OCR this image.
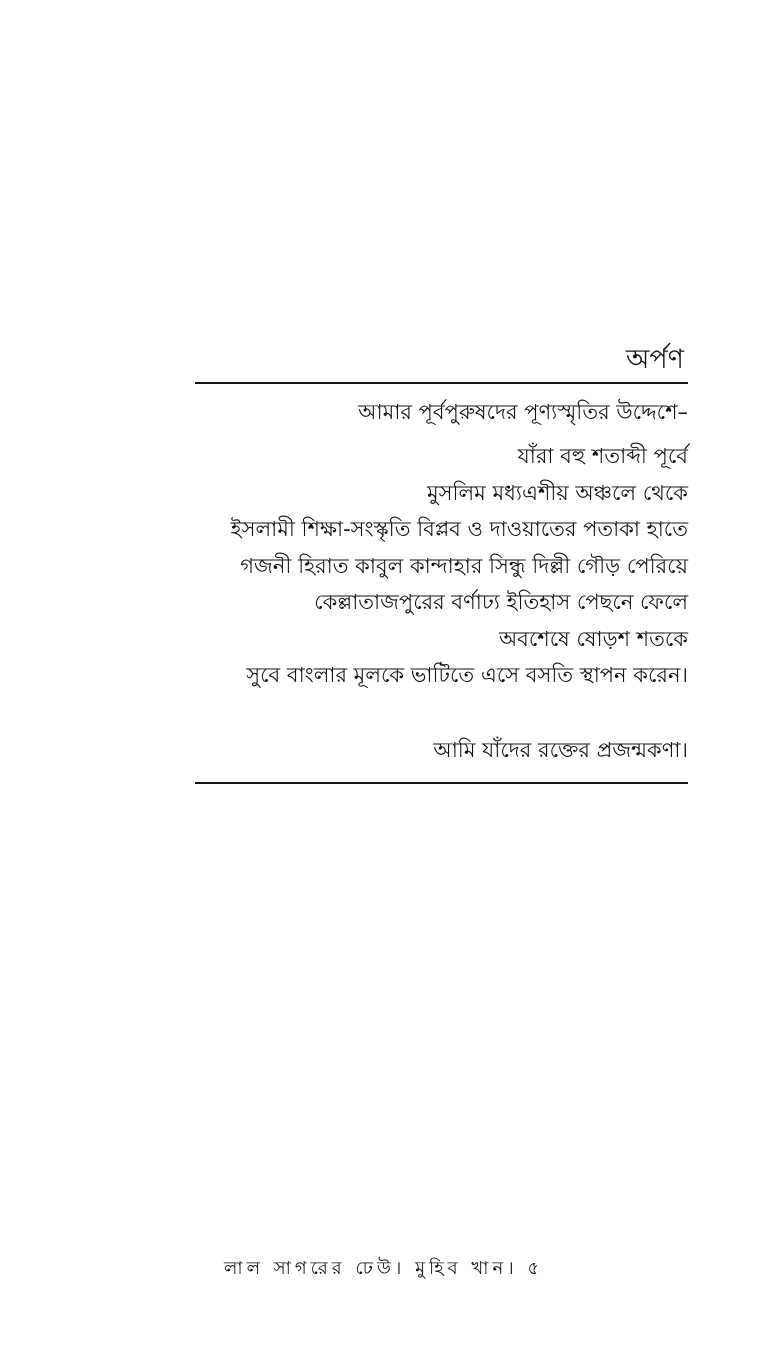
অর্পণ
আমার পূর্বপুরুষদের পূণ্যস্মৃতির উদ্দেশে–
যাঁরা বহু শতাব্দী পূর্বে
মুসলিম মধ্যএশীয় অঞ্চলে থেকে
ইসলামী শিক্ষা-সংস্কৃতি বিপ্লব ও দাওয়াতের পতাকা হাতে
গজনী হিরাত কাবুল কান্দাহার সিন্ধু দিল্লী গৌড় পেরিয়ে
কেল্লাতাজপুরের বর্ণাঢ্য ইতিহাস পেছনে ফেলে
অবশেষে ষোড়শ শতকে
সুবে বাংলার মূলকে ভাটিতে এসে বসতি স্থাপন করেন।
আমি যাঁদের রক্তের প্রজন্মকণা।
লাল সাগরের ঢেউ। মুহিব খান। ৫
